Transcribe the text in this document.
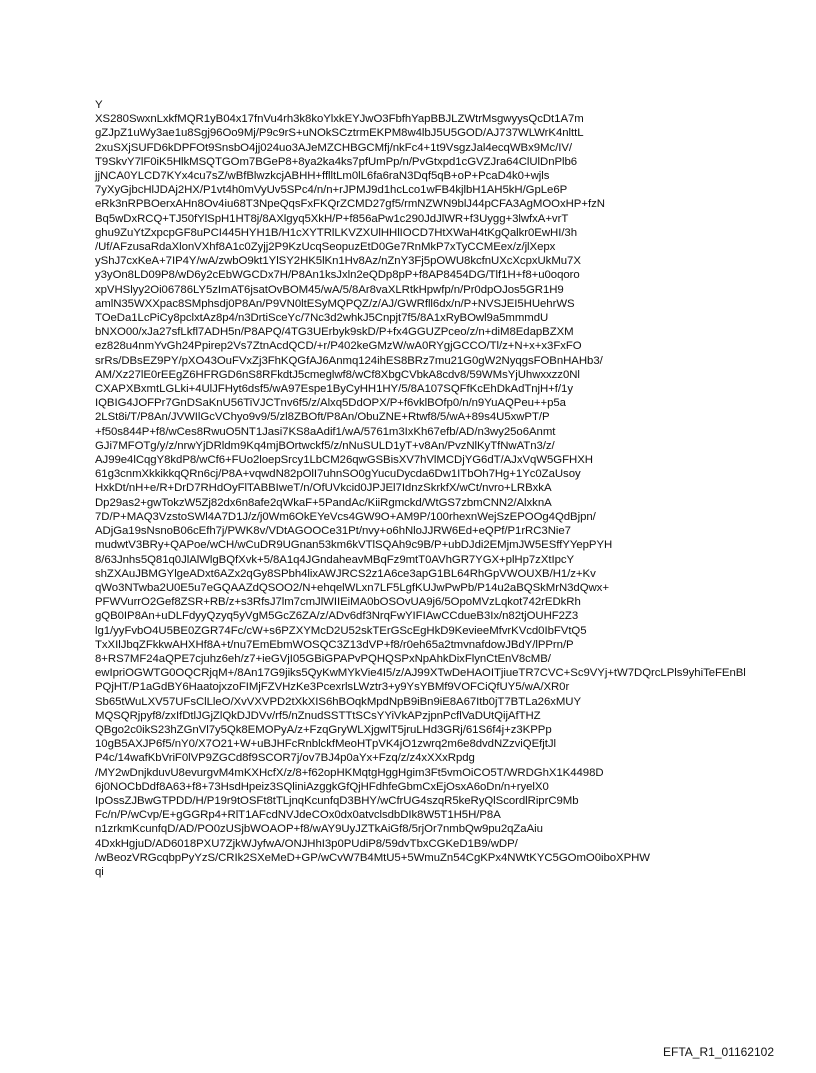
Y
XS280SwxnLxkfMQR1yB04x17fnVu4rh3k8koYlxkEYJwO3FbfhYapBBJLZWtrMsgwyysQcDt1A7m
gZJpZ1uWy3ae1u8Sgj96Oo9Mj/P9c9rS+uNOkSCztrmEKPM8w4lbJ5U5GOD/AJ737WLWrK4nlttL
2xuSXjSUFD6kDPFOt9SnsbO4jj024uo3AJeMZCHBGCMfj/nkFc4+1t9VsgzJal4ecqWBx9Mc/IV/
T9SkvY7lF0iK5HlkMSQTGOm7BGeP8+8ya2ka4ks7pfUmPp/n/PvGtxpd1cGVZJra64ClUlDnPlb6
jjNCA0YLCD7KYx4cu7sZ/wBfBlwzkcjABHH+fflltLm0lL6fa6raN3Dqf5qB+oP+PcaD4k0+wjls
7yXyGjbcHlJDAj2HX/P1vt4h0mVyUv5SPc4/n/n+rJPMJ9d1hcLco1wFB4kjlbH1AH5kH/GpLe6P
eRk3nRPBOerxAHn8Ov4iu68T3NpeQqsFxFKQrZCMD27gf5/rmNZWN9blJ44pCFA3AgMOOxHP+fzN
Bq5wDxRCQ+TJ50fYlSpH1HT8j/8AXlgyq5XkH/P+f856aPw1c290JdJlWR+f3Uygg+3lwfxA+vrT
ghu9ZuYtZxpcpGF8uPCI445HYH1B/H1cXYTRlLKVZXUlHHlIOCD7HtXWaH4tKgQalkr0EwHI/3h
/Uf/AFzusaRdaXlonVXhf8A1c0Zyjj2P9KzUcqSeopuzEtD0Ge7RnMkP7xTyCCMEex/z/jlXepx
yShJ7cxKeA+7IP4Y/wA/zwbO9kt1YlSY2HK5lKn1Hv8Az/nZnY3Fj5pOWU8kcfnUXcXcpxUkMu7X
y3yOn8LD09P8/wD6y2cEbWGCDx7H/P8An1ksJxln2eQDp8pP+f8AP8454DG/Tlf1H+f8+u0oqoro
xpVHSlyy2Oi06786LY5zImAT6jsatOvBOM45/wA/5/8Ar8vaXLRtkHpwfp/n/Pr0dpOJos5GR1H9
amlN35WXXpac8SMphsdj0P8An/P9VN0ltESyMQPQZ/z/AJ/GWRfll6dx/n/P+NVSJEI5HUehrWS
TOeDa1LcPiCy8pclxtAz8p4/n3DrtiSceYc/7Nc3d2whkJ5Cnpjt7f5/8A1xRyBOwl9a5mmmdU
bNXO00/xJa27sfLkfl7ADH5n/P8APQ/4TG3UErbyk9skD/P+fx4GGUZPceo/z/n+diM8EdapBZXM
ez828u4nmYvGh24Ppirep2Vs7ZtnAcdQCD/+r/P402keGMzW/wA0RYgjGCCO/Tl/z+N+x+x3FxFO
srRs/DBsEZ9PY/pXO43OuFVxZj3FhKQGfAJ6Anmq124ihES8BRz7mu21G0gW2NyqgsFOBnHAHb3/
AM/Xz27lE0rEEgZ6HFRGD6nS8RFkdtJ5cmeglwf8/wCf8XbgCVbkA8cdv8/59WMsYjUhwxxzz0Nl
CXAPXBxmtLGLki+4UlJFHyt6dsf5/wA97Espe1ByCyHH1HY/5/8A107SQFfKcEhDkAdTnjH+f/1y
IQBIG4JOFPr7GnDSaKnU56TiVJCTnv6f5/z/Alxq5DdOPX/P+f6vklBOfp0/n/n9YuAQPeu++p5a
2LSt8i/T/P8An/JVWIlGcVChyo9v9/5/zl8ZBOft/P8An/ObuZNE+Rtwf8/5/wA+89s4U5xwPT/P
+f50s844P+f8/wCes8RwuO5NT1Jasi7KS8aAdif1/wA/5761m3IxKh67efb/AD/n3wy25o6Anmt
GJi7MFOTg/y/z/nrwYjDRldm9Kq4mjBOrtwckf5/z/nNuSULD1yT+v8An/PvzNlKyTfNwATn3/z/
AJ99e4lCqgY8kdP8/wCf6+FUo2loepSrcy1LbCM26qwGSBisXV7hVlMCDjYG6dT/AJxVqW5GFHXH
61g3cnmXkkikkqQRn6cj/P8A+vqwdN82pOlI7uhnSO0gYucuDycda6Dw1ITbOh7Hg+1Yc0ZaUsoy
HxkDt/nH+e/R+DrD7RHdOyFlTABBIweT/n/OfUVkcid0JPJEl7IdnzSkrkfX/wCt/nvro+LRBxkA
Dp29as2+gwTokzW5Zj82dx6n8afe2qWkaF+5PandAc/KiiRgmckd/WtGS7zbmCNN2/AlxknA
7D/P+MAQ3VzstoSWl4A7D1J/z/j0Wm6OkEYeVcs4GW9O+AM9P/100rhexnWejSzEPOOg4QdBjpn/
ADjGa19sNsnoB06cEfh7j/PWK8v/VDtAGOOCe31Pt/nvy+o6hNloJJRW6Ed+eQPf/P1rRC3Nie7
mudwtV3BRy+QAPoe/wCH/wCuDR9UGnan53km6kVTlSQAh9c9B/P+ubDJdi2EMjmJW5ESffYYepPYH
8/63Jnhs5Q81q0JlAlWlgBQfXvk+5/8A1q4JGndaheavMBqFz9mtT0AVhGR7YGX+plHp7zXtIpcY
shZXAuJBMGYlgeADxt6AZx2qGy8SPbh4lixAWJRCS2z1A6ce3apG1BL64RhGpVWOUXB/H1/z+Kv
qWo3NTwba2U0E5u7eGQAAZdQSOO2/N+ehqelWLxn7LF5LgfKUJwPwPb/P14u2aBQSkMrN3dQwx+
PFWVurrO2Gef8ZSR+RB/z+s3RfsJ7lm7cmJlWIIEiMA0bOSOvUA9j6/5OpoMVzLqkot742rEDkRh
gQB0IP8An+uDLFdyyQzyq5yVgM5GcZ6ZA/z/ADv6df3NrqFwYIFIAwCCdueB3Ix/n82tjOUHF2Z3
lg1/yyFvbO4U5BE0ZGR74Fc/cW+s6PZXYMcD2U52skTErGScEgHkD9KevieeMfvrKVcd0IbFVtQ5
TxXIlJbqZFkkwAHXHf8A+t/nu7EmEbmWOSQC3Z13dVP+f8/r0eh65a2tmvnafdowJBdY/lPPrn/P
8+RS7MF24aQPE7cjuhz6eh/z7+ieGVjI05GBiGPAPvPQHQSPxNpAhkDixFlynCtEnV8cMB/
ewIpriOGWTG0OQCRjqM+/8An17G9jiks5QyKwMYkVie4I5/z/AJ99XTwDeHAOITjiueTR7CVC+Sc9VYj+tW7DQrcLPls9yhiTeFEnBl
PQjHT/P1aGdBY6HaatojxzoFIMjFZVHzKe3PcexrlsLWztr3+y9YsYBMf9VOFCiQfUY5/wA/XR0r
Sb65tWuLXV57UFsClLleO/XvVXVPD2tXkXIS6hBOqkMpdNpB9iBn9iE8A67Itb0jT7BTLa26xMUY
MQSQRjpyf8/zxIfDtlJGjZlQkDJDVv/rf5/nZnudSSTTtSCsYYiVkAPzjpnPcflVaDUtQijAfTHZ
QBgo2c0ikS23hZGnVl7y5Qk8EMOPyA/z+FzqGryWLXjgwlT5jruLHd3GRj/61S6f4j+z3KPPp
10gB5AXJP6f5/nY0/X7O21+W+uBJHFcRnblckfMeoHTpVK4jO1zwrq2m6e8dvdNZzviQEfjtJl
P4c/14wafKbVriF0lVP9ZGCd8f9SCOR7j/ov7BJ4p0aYx+Fzq/z/z4xXXxRpdg
/MY2wDnjkduvU8evurgvM4mKXHcfX/z/8+f62opHKMqtgHggHgim3Ft5vmOiCO5T/WRDGhX1K4498D
6j0NOCbDdf8A63+f8+73HsdHpeiz3SQliniAzggkGfQjHFdhfeGbmCxEjOsxA6oDn/n+ryelX0
IpOssZJBwGTPDD/H/P19r9tOSFt8tTLjnqKcunfqD3BHY/wCfrUG4szqR5keRyQlScordlRiprC9Mb
Fc/n/P/wCvp/E+gGGRp4+RlT1AFcdNVJdeCOx0dx0atvclsdbDIk8W5T1H5H/P8A
n1zrkmKcunfqD/AD/PO0zUSjbWOAOP+f8/wAY9UyJZTkAiGf8/5rjOr7nmbQw9pu2qZaAiu
4DxkHgjuD/AD6018PXU7ZjkWJyfwA/ONJHhI3p0PUdiP8/59dvTbxCGKeD1B9/wDP/
/wBeozVRGcqbpPyYzS/CRIk2SXeMeD+GP/wCvW7B4MtU5+5WmuZn54CgKPx4NWtKYC5GOmO0iboXPHW
qi
EFTA_R1_01162102
